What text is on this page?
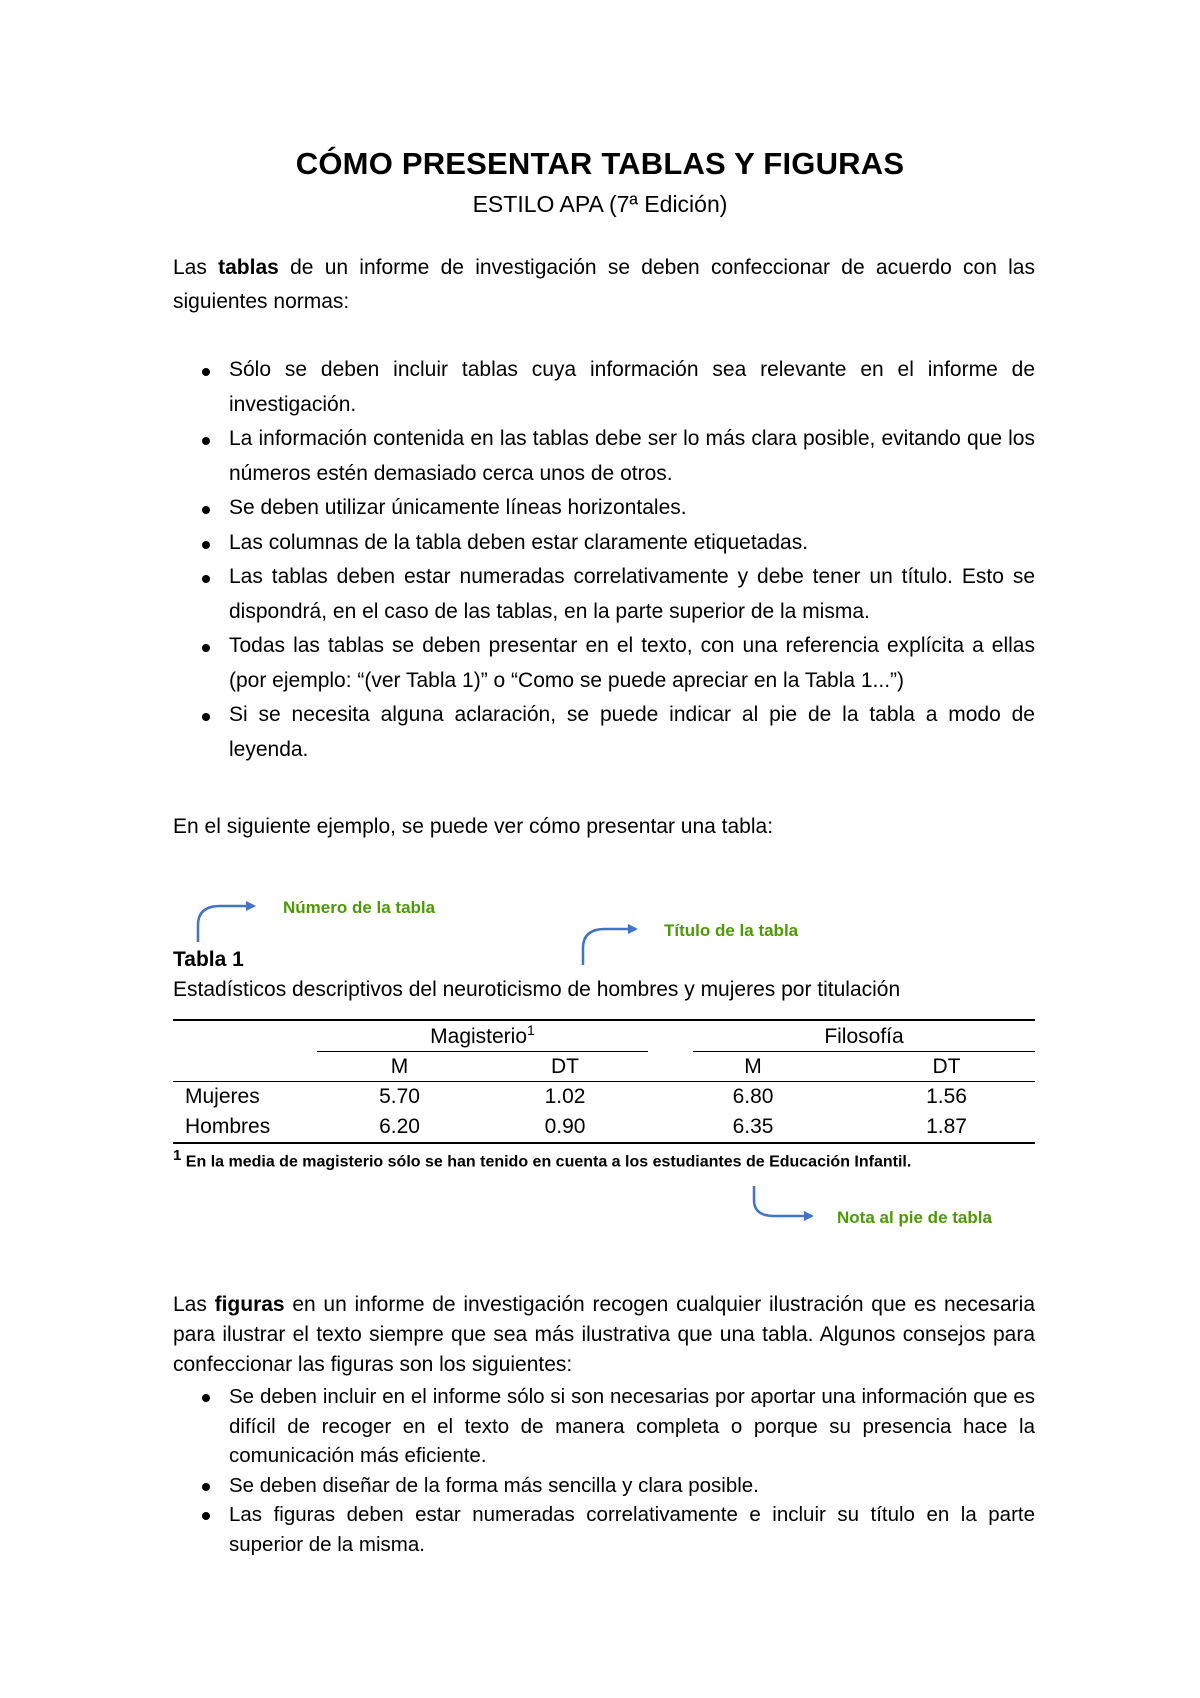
CÓMO PRESENTAR TABLAS Y FIGURAS
ESTILO APA (7ª Edición)
Las tablas de un informe de investigación se deben confeccionar de acuerdo con las siguientes normas:
Sólo se deben incluir tablas cuya información sea relevante en el informe de investigación.
La información contenida en las tablas debe ser lo más clara posible, evitando que los números estén demasiado cerca unos de otros.
Se deben utilizar únicamente líneas horizontales.
Las columnas de la tabla deben estar claramente etiquetadas.
Las tablas deben estar numeradas correlativamente y debe tener un título. Esto se dispondrá, en el caso de las tablas, en la parte superior de la misma.
Todas las tablas se deben presentar en el texto, con una referencia explícita a ellas (por ejemplo: “(ver Tabla 1)” o “Como se puede apreciar en la Tabla 1...”)
Si se necesita alguna aclaración, se puede indicar al pie de la tabla a modo de leyenda.
En el siguiente ejemplo, se puede ver cómo presentar una tabla:
Número de la tabla
Título de la tabla
Nota al pie de tabla
Tabla 1
Estadísticos descriptivos del neuroticismo de hombres y mujeres por titulación
Magisterio$^1$	Filosofía
	M	DT	M	DT
Mujeres	5.70	1.02	6.80	1.56
Hombres	6.20	0.90	6.35	1.87
$^1$ En la media de magisterio sólo se han tenido en cuenta a los estudiantes de Educación Infantil.
Las figuras en un informe de investigación recogen cualquier ilustración que es necesaria para ilustrar el texto siempre que sea más ilustrativa que una tabla. Algunos consejos para confeccionar las figuras son los siguientes:
Se deben incluir en el informe sólo si son necesarias por aportar una información que es difícil de recoger en el texto de manera completa o porque su presencia hace la comunicación más eficiente.
Se deben diseñar de la forma más sencilla y clara posible.
Las figuras deben estar numeradas correlativamente e incluir su título en la parte superior de la misma.
